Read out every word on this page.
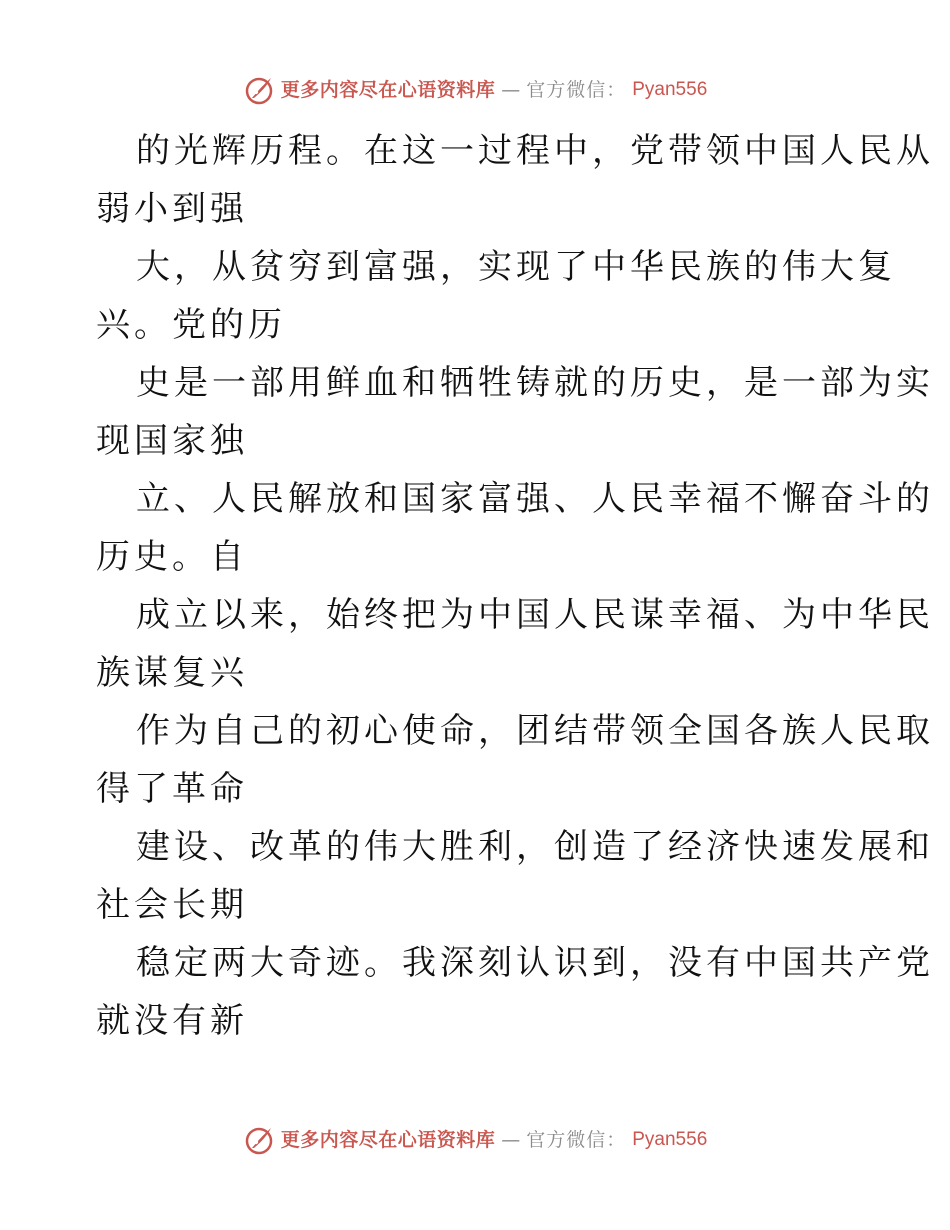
更多内容尽在心语资料库 — 官方微信： Pyan556
的光辉历程。在这一过程中，党带领中国人民从
弱小到强
大，从贫穷到富强，实现了中华民族的伟大复
兴。党的历
史是一部用鲜血和牺牲铸就的历史，是一部为实
现国家独
立、人民解放和国家富强、人民幸福不懈奋斗的
历史。自
成立以来，始终把为中国人民谋幸福、为中华民
族谋复兴
作为自己的初心使命，团结带领全国各族人民取
得了革命
建设、改革的伟大胜利，创造了经济快速发展和
社会长期
稳定两大奇迹。我深刻认识到，没有中国共产党
就没有新
更多内容尽在心语资料库 — 官方微信： Pyan556
